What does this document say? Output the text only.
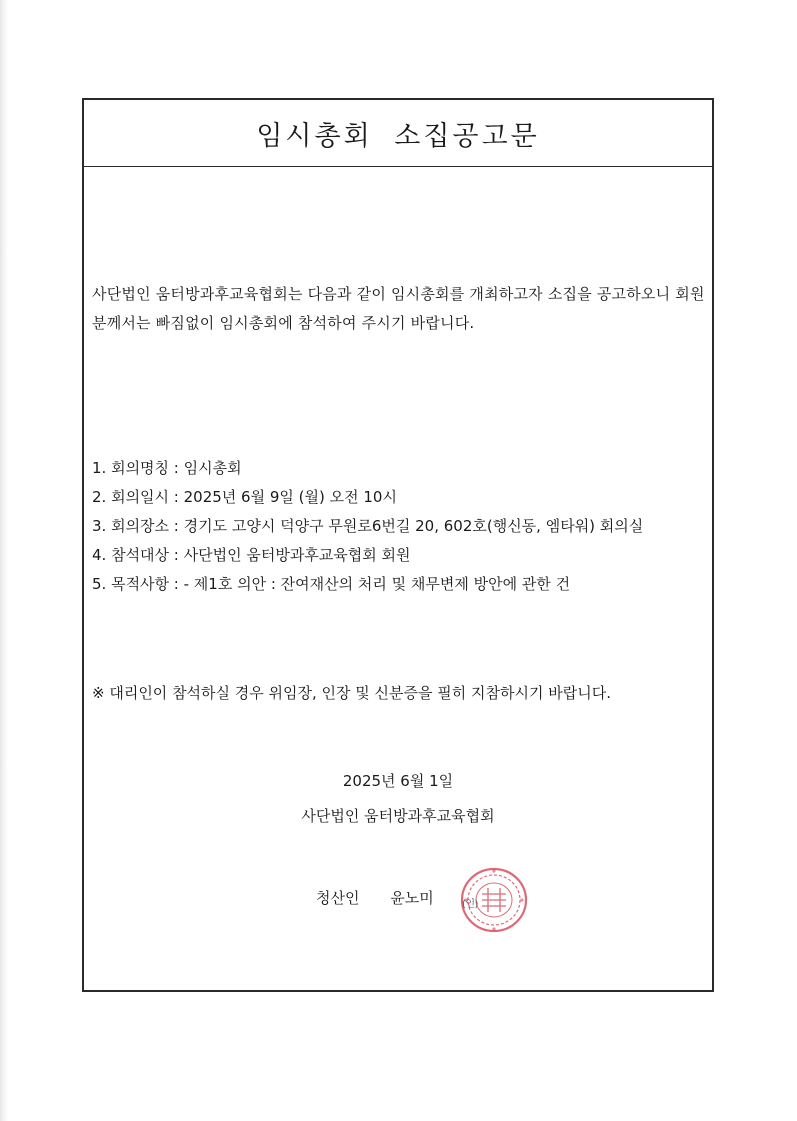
임시총회 소집공고문
사단법인 움터방과후교육협회는 다음과 같이 임시총회를 개최하고자 소집을 공고하오니 회원 분께서는 빠짐없이 임시총회에 참석하여 주시기 바랍니다.
1. 회의명칭 : 임시총회
2. 회의일시 : 2025년 6월 9일 (월) 오전 10시
3. 회의장소 : 경기도 고양시 덕양구 무원로6번길 20, 602호(행신동, 엠타워) 회의실
4. 참석대상 : 사단법인 움터방과후교육협회 회원
5. 목적사항 : - 제1호 의안 : 잔여재산의 처리 및 채무변제 방안에 관한 건
※ 대리인이 참석하실 경우 위임장, 인장 및 신분증을 필히 지참하시기 바랍니다.
2025년 6월 1일
사단법인 움터방과후교육협회
청산인 윤노미	(인)
